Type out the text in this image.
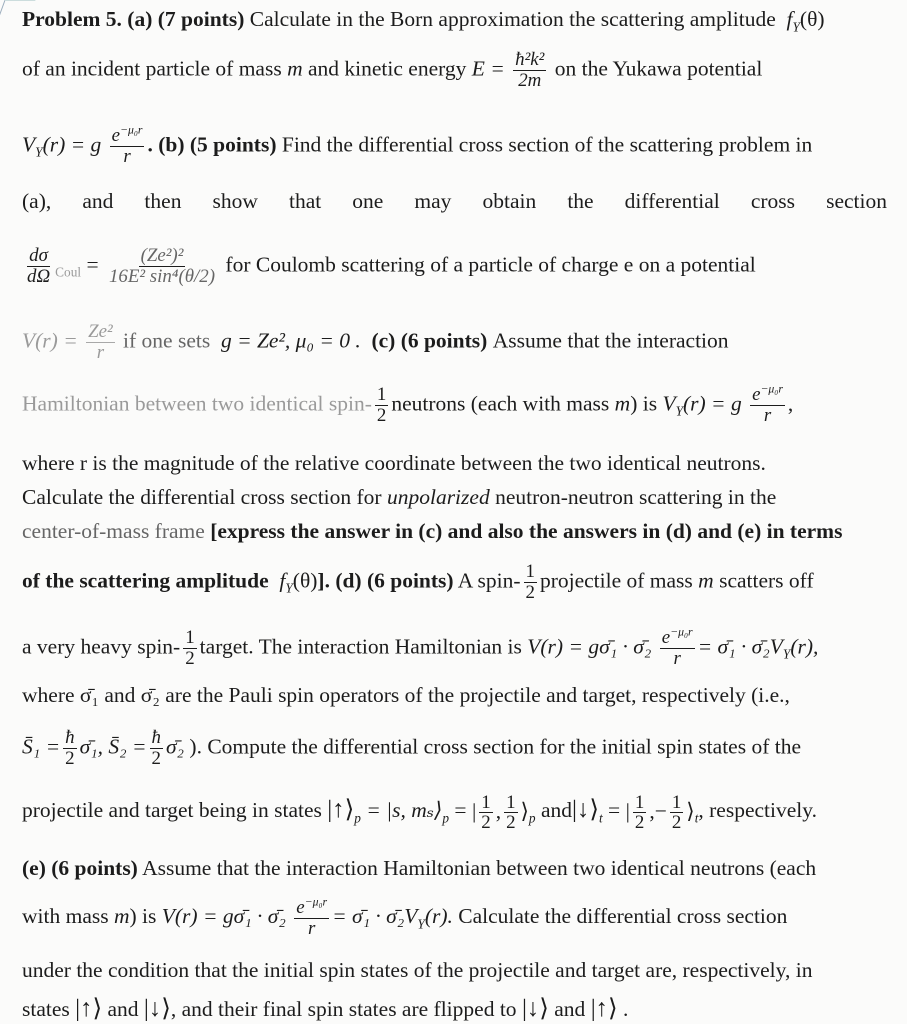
Problem 5. (a) (7 points) Calculate in the Born approximation the scattering amplitude $f_Y(\theta)$
of an incident particle of mass m and kinetic energy $E = \frac{\text{ħ²k²}}{2m}$ on the Yukawa potential
$V_Y(r) = g \frac{e^{-\mu_0r}}{r}$ . (b) (5 points) Find the differential cross section of the scattering problem in
(a), and then show that one may obtain the differential cross section
$\frac{d\sigma}{d\Omega} _{Coul} = \frac{\text{(Ze²)²}}{\text{16E² sin⁴(θ/2)}}$ for Coulomb scattering of a particle of charge e on a potential
$V(r) = \frac{\text{Ze²}}{r}$ if one sets g = Ze², μ₀ = 0 . (c) (6 points) Assume that the interaction
Hamiltonian between two identical spin- $\frac{1}{2}$ neutrons (each with mass m) is $V_Y(r) = g \frac{e^{-\mu_0r}}{r}$ ,
where r is the magnitude of the relative coordinate between the two identical neutrons.
Calculate the differential cross section for unpolarized neutron-neutron scattering in the
center-of-mass frame [express the answer in (c) and also the answers in (d) and (e) in terms
of the scattering amplitude $f_Y(\theta)$]. (d) (6 points) A spin- $\frac{1}{2}$ projectile of mass m scatters off
a very heavy spin- $\frac{1}{2}$ target. The interaction Hamiltonian is V(r) = gσ̄₁ · σ̄₂ $\frac{e^{-\mu_0r}}{r}$ = σ̄₁ · $\sigmā_2V_Y(r)$,
where σ̄₁ and σ̄₂ are the Pauli spin operators of the projectile and target, respectively (i.e.,
S̄₁ = $\frac{ħ}{2}$ σ̄₁, S̄₂ = $\frac{ħ}{2}$ σ̄₂ ). Compute the differential cross section for the initial spin states of the
projectile and target being in states $|↑⟩_p = |s$, $m_s⟩_p$ = | $\frac{1}{2}$ , $\frac{1}{2}$ $⟩_p$ $and|↓⟩_t$ = | $\frac{1}{2}$ ,− $\frac{1}{2}$ $⟩_t$, respectively.
(e) (6 points) Assume that the interaction Hamiltonian between two identical neutrons (each
with mass m) is V(r) = gσ̄₁ · σ̄₂ $\frac{e^{-\mu_0r}}{r}$ = σ̄₁ · $\sigmā_2V_Y(r)$. Calculate the differential cross section
under the condition that the initial spin states of the projectile and target are, respectively, in
states |↑⟩ and |↓⟩, and their final spin states are flipped to |↓⟩ and |↑⟩ .
